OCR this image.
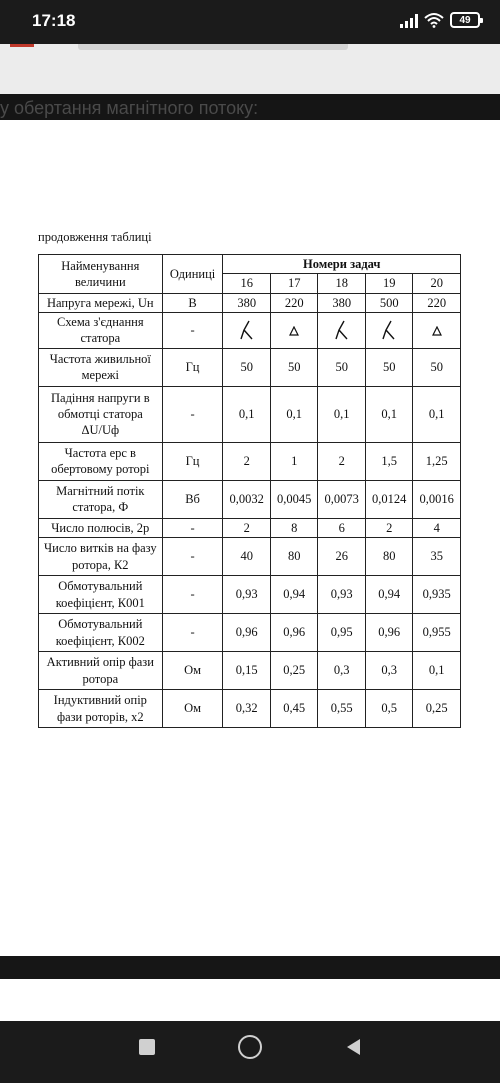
17:18	49
у обертання магнітного потоку:
продовження таблиці
Найменування величини	Одиниці	Номери задач				
		16	17	18	19	20
Напруга мережі, Uн	В	380	220	380	500	220
Схема з'єднання статора	-					
Частота живильної мережі	Гц	50	50	50	50	50
Падіння напруги в обмотці статора ΔU/Uф	-	0,1	0,1	0,1	0,1	0,1
Частота ерс в обертовому роторі	Гц	2	1	2	1,5	1,25
Магнітний потік статора, Ф	Вб	0,0032	0,0045	0,0073	0,0124	0,0016
Число полюсів, 2р	-	2	8	6	2	4
Число витків на фазу ротора, К2	-	40	80	26	80	35
Обмотувальний коефіцієнт, К001	-	0,93	0,94	0,93	0,94	0,935
Обмотувальний коефіцієнт, К002	-	0,96	0,96	0,95	0,96	0,955
Активний опір фази ротора	Ом	0,15	0,25	0,3	0,3	0,1
Індуктивний опір фази роторів, x2	Ом	0,32	0,45	0,55	0,5	0,25
